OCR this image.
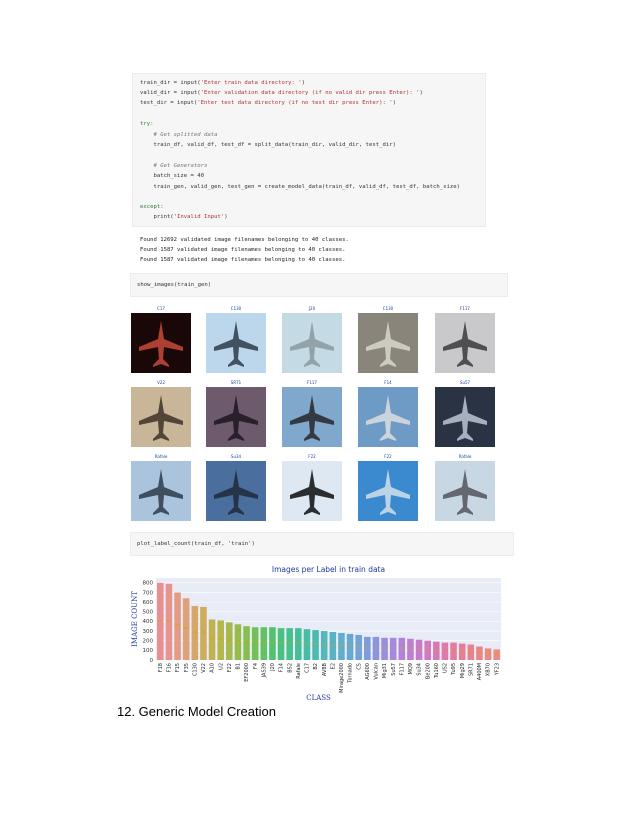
train_dir = input('Enter train data directory: ')
valid_dir = input('Enter validation data directory (if no valid dir press Enter): ')
test_dir = input('Enter test data directory (if no test dir press Enter): ')
try:
# Get splitted data
train_df, valid_df, test_df = split_data(train_dir, valid_dir, test_dir)
# Get Generators
batch_size = 40
train_gen, valid_gen, test_gen = create_model_data(train_df, valid_df, test_df, batch_size)
except:
print('Invalid Input')
Found 12692 validated image filenames belonging to 40 classes.
Found 1587 validated image filenames belonging to 40 classes.
Found 1587 validated image filenames belonging to 40 classes.
show_images(train_gen)
C17	C130	J20	C130	F117
V22	SR71	F117	F14	Su57
Rafale	Su34	F22	F22	Rafale
plot_label_count(train_df, 'train')
0
100
200
300
400
500
600
700
800
800
F18
790
F16
700
F15
640
F35
560
C130
550
V22
420
A10
410
U2
390
F22
370
B1
350
EF2000
340
F4
340
JAS39
340
J20
330
F14
330
B52
330
Rafale
320
C17
310
B2
300
AV8B
290
E2
280
Mirage2000
270
Tornado
260
C5
240
AG600
240
Vulcan
230
Mig31
230
Su57
230
F117
220
MQ9
210
Su34
200
Be200
190
Tu160
180
US2
180
Tu95
170
Mig29
160
SR71
140
A400M
120
XB70
110
YF23
Images per Label in train data
IMAGE COUNT
CLASS
12. Generic Model Creation
